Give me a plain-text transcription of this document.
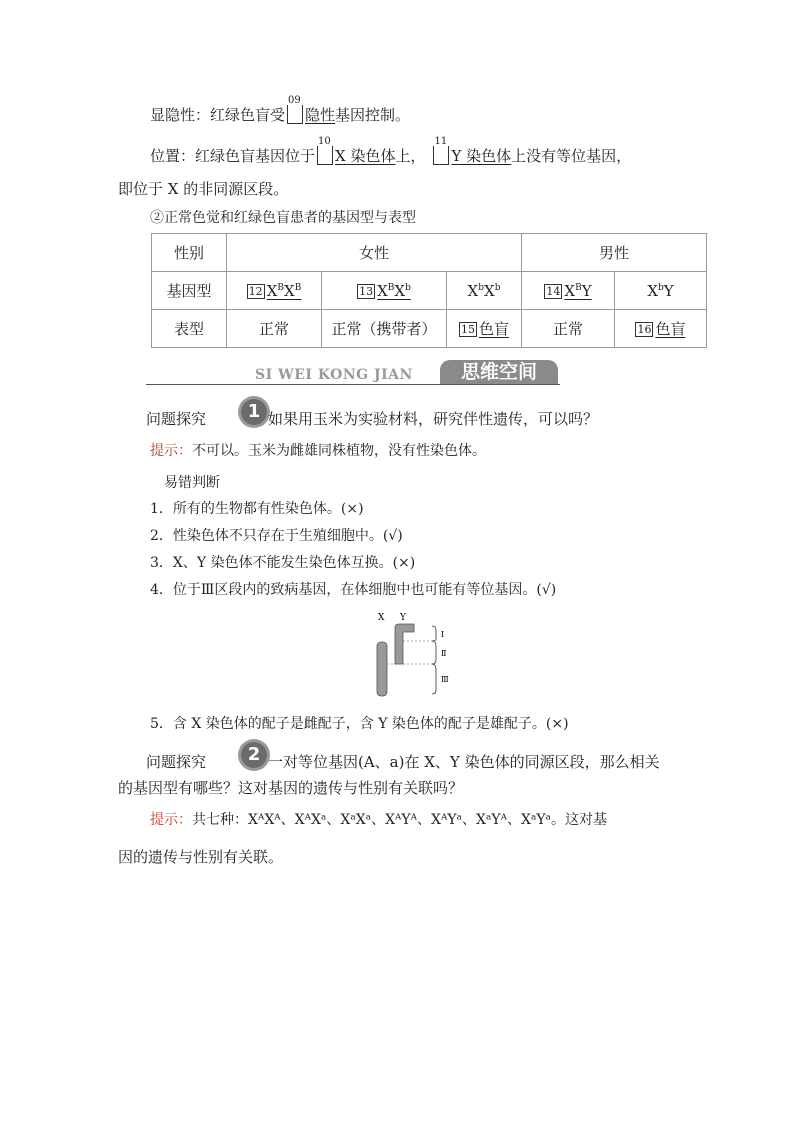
显隐性：红绿色盲受
09
隐性基因控制。
位置：红绿色盲基因位于
10
X 染色体上，
11
Y 染色体上没有等位基因，
即位于 X 的非同源区段。
②正常色觉和红绿色盲患者的基因型与表型
性别	女性			男性	
基因型	12 $X^BX^B$	13 $X^BX^b$	$X^bX^b$	14 $X^BY$	$X^bY$
表型	正常	正常（携带者）	15 色盲	正常	16 色盲
SI WEI KONG JIAN	思维空间
问题探究	1 如果用玉米为实验材料，研究伴性遗传，可以吗？
提示：不可以。玉米为雌雄同株植物，没有性染色体。
易错判断
1．所有的生物都有性染色体。(×)
2．性染色体不只存在于生殖细胞中。(√)
3．X、Y 染色体不能发生染色体互换。(×)
4．位于Ⅲ区段内的致病基因，在体细胞中也可能有等位基因。(√)
X Y
Ⅰ
Ⅱ
Ⅲ
5．含 X 染色体的配子是雌配子，含 Y 染色体的配子是雄配子。(×)
问题探究	2 一对等位基因(A、a)在 X、Y 染色体的同源区段，那么相关
的基因型有哪些？这对基因的遗传与性别有关联吗？
提示：共七种：XᴬXᴬ、XᴬXᵃ、XᵃXᵃ、XᴬYᴬ、XᴬYᵃ、XᵃYᴬ、XᵃYᵃ。这对基
因的遗传与性别有关联。
